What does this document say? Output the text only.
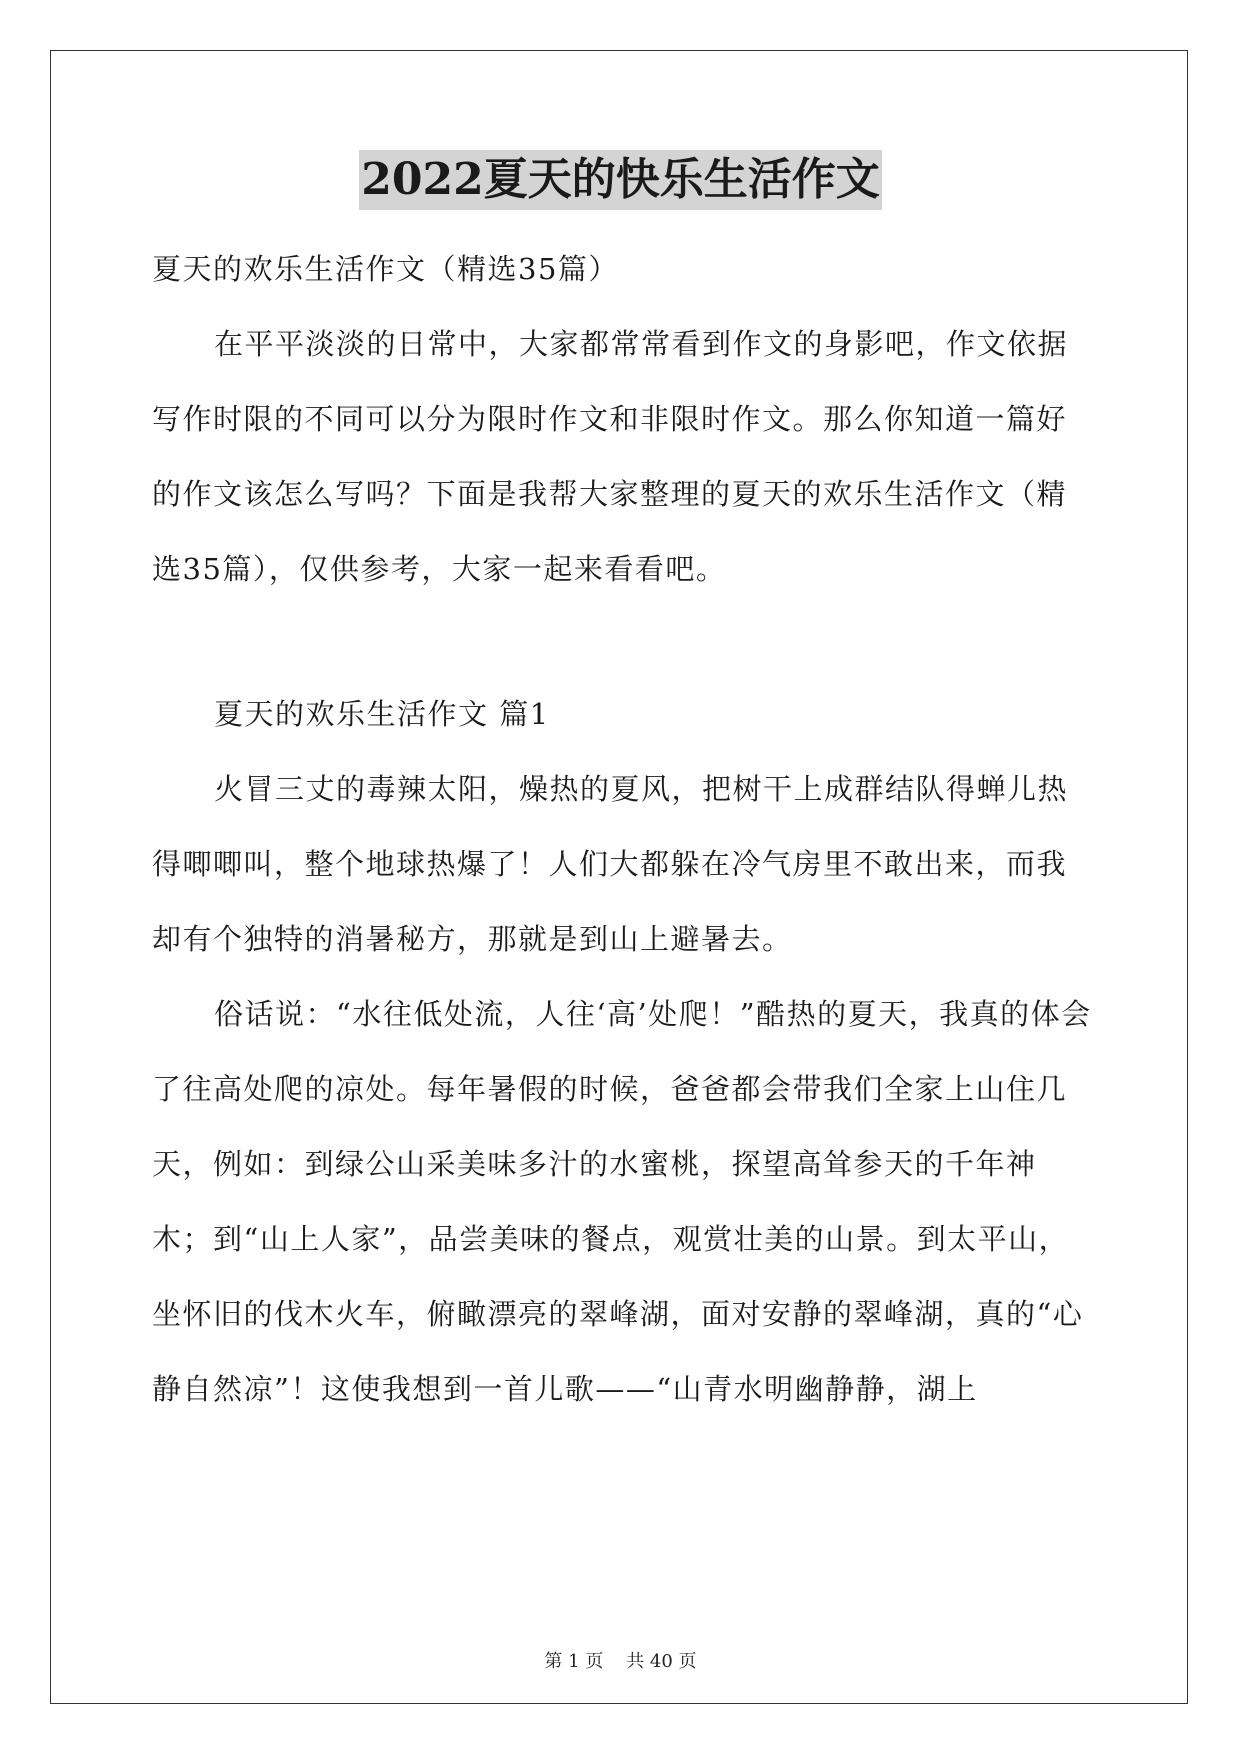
2022夏天的快乐生活作文

夏天的欢乐生活作文（精选35篇）

在平平淡淡的日常中，大家都常常看到作文的身影吧，作文依据写作时限的不同可以分为限时作文和非限时作文。那么你知道一篇好的作文该怎么写吗？下面是我帮大家整理的夏天的欢乐生活作文（精选35篇），仅供参考，大家一起来看看吧。

夏天的欢乐生活作文 篇1

火冒三丈的毒辣太阳，燥热的夏风，把树干上成群结队得蝉儿热得唧唧叫，整个地球热爆了！人们大都躲在冷气房里不敢出来，而我却有个独特的消暑秘方，那就是到山上避暑去。

俗话说：“水往低处流，人往‘高’处爬！”酷热的夏天，我真的体会了往高处爬的凉处。每年暑假的时候，爸爸都会带我们全家上山住几天，例如：到绿公山采美味多汁的水蜜桃，探望高耸参天的千年神木；到“山上人家”，品尝美味的餐点，观赏壮美的山景。到太平山，坐怀旧的伐木火车，俯瞰漂亮的翠峰湖，面对安静的翠峰湖，真的“心静自然凉”！这使我想到一首儿歌——“山青水明幽静静，湖上

第 1 页    共 40 页
